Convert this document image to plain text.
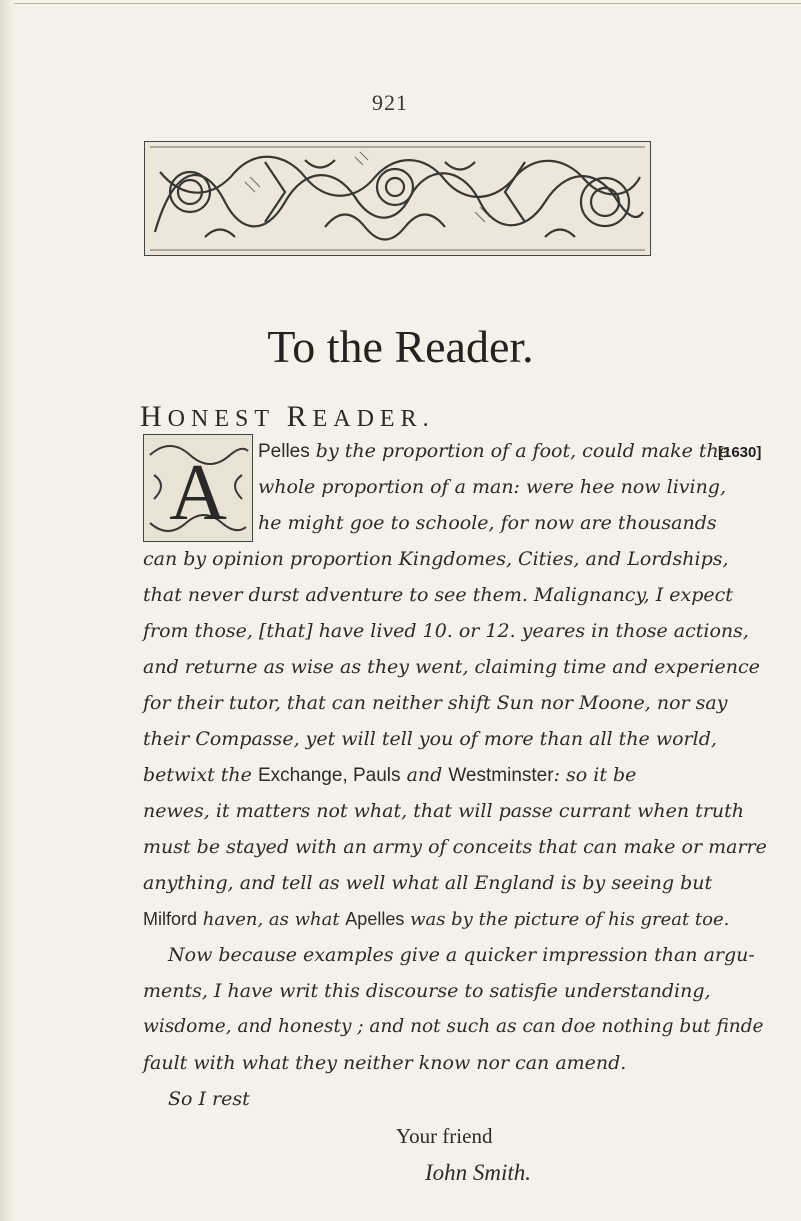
921
To the Reader.
HONEST READER.
[1630]
A Pelles by the proportion of a foot, could make the
whole proportion of a man: were hee now living,
he might goe to schoole, for now are thousands
can by opinion proportion Kingdomes, Cities, and Lordships,
that never durst adventure to see them. Malignancy, I expect
from those, [that] have lived 10. or 12. yeares in those actions,
and returne as wise as they went, claiming time and experience
for their tutor, that can neither shift Sun nor Moone, nor say
their Compasse, yet will tell you of more than all the world,
betwixt the Exchange, Pauls and Westminster: so it be
newes, it matters not what, that will passe currant when truth
must be stayed with an army of conceits that can make or marre
anything, and tell as well what all England is by seeing but
Milford haven, as what Apelles was by the picture of his great toe.
Now because examples give a quicker impression than argu-
ments, I have writ this discourse to satisfie understanding,
wisdome, and honesty ; and not such as can doe nothing but finde
fault with what they neither know nor can amend.
So I rest
Your friend
Iohn Smith.
